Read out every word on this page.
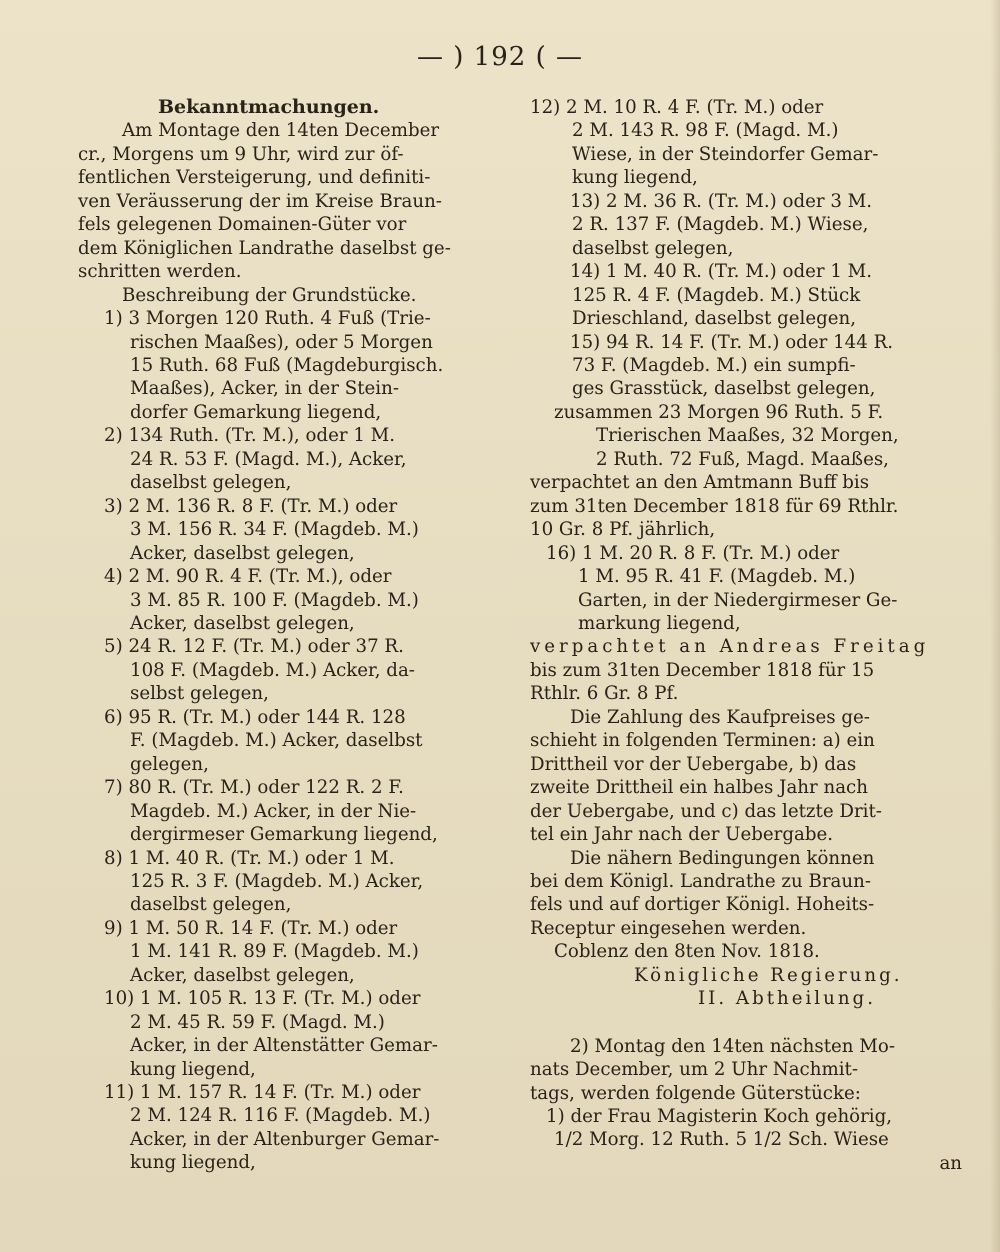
— ) 192 ( —

Bekanntmachungen.

Am Montage den 14ten December

cr., Morgens um 9 Uhr, wird zur öf-

fentlichen Versteigerung, und definiti-

ven Veräusserung der im Kreise Braun-

fels gelegenen Domainen-Güter vor

dem Königlichen Landrathe daselbst ge-

schritten werden.

Beschreibung der Grundstücke.

1) 3 Morgen 120 Ruth. 4 Fuß (Trie-

rischen Maaßes), oder 5 Morgen

15 Ruth. 68 Fuß (Magdeburgisch.

Maaßes), Acker, in der Stein-

dorfer Gemarkung liegend,

2) 134 Ruth. (Tr. M.), oder 1 M.

24 R. 53 F. (Magd. M.), Acker,

daselbst gelegen,

3) 2 M. 136 R. 8 F. (Tr. M.) oder

3 M. 156 R. 34 F. (Magdeb. M.)

Acker, daselbst gelegen,

4) 2 M. 90 R. 4 F. (Tr. M.), oder

3 M. 85 R. 100 F. (Magdeb. M.)

Acker, daselbst gelegen,

5) 24 R. 12 F. (Tr. M.) oder 37 R.

108 F. (Magdeb. M.) Acker, da-

selbst gelegen,

6) 95 R. (Tr. M.) oder 144 R. 128

F. (Magdeb. M.) Acker, daselbst

gelegen,

7) 80 R. (Tr. M.) oder 122 R. 2 F.

Magdeb. M.) Acker, in der Nie-

dergirmeser Gemarkung liegend,

8) 1 M. 40 R. (Tr. M.) oder 1 M.

125 R. 3 F. (Magdeb. M.) Acker,

daselbst gelegen,

9) 1 M. 50 R. 14 F. (Tr. M.) oder

1 M. 141 R. 89 F. (Magdeb. M.)

Acker, daselbst gelegen,

10) 1 M. 105 R. 13 F. (Tr. M.) oder

2 M. 45 R. 59 F. (Magd. M.)

Acker, in der Altenstätter Gemar-

kung liegend,

11) 1 M. 157 R. 14 F. (Tr. M.) oder

2 M. 124 R. 116 F. (Magdeb. M.)

Acker, in der Altenburger Gemar-

kung liegend,

12) 2 M. 10 R. 4 F. (Tr. M.) oder

2 M. 143 R. 98 F. (Magd. M.)

Wiese, in der Steindorfer Gemar-

kung liegend,

13) 2 M. 36 R. (Tr. M.) oder 3 M.

2 R. 137 F. (Magdeb. M.) Wiese,

daselbst gelegen,

14) 1 M. 40 R. (Tr. M.) oder 1 M.

125 R. 4 F. (Magdeb. M.) Stück

Drieschland, daselbst gelegen,

15) 94 R. 14 F. (Tr. M.) oder 144 R.

73 F. (Magdeb. M.) ein sumpfi-

ges Grasstück, daselbst gelegen,

zusammen 23 Morgen 96 Ruth. 5 F.

Trierischen Maaßes, 32 Morgen,

2 Ruth. 72 Fuß, Magd. Maaßes,

verpachtet an den Amtmann Buff bis

zum 31ten December 1818 für 69 Rthlr.

10 Gr. 8 Pf. jährlich,

16) 1 M. 20 R. 8 F. (Tr. M.) oder

1 M. 95 R. 41 F. (Magdeb. M.)

Garten, in der Niedergirmeser Ge-

markung liegend,

verpachtet an Andreas Freitag

bis zum 31ten December 1818 für 15

Rthlr. 6 Gr. 8 Pf.

Die Zahlung des Kaufpreises ge-

schieht in folgenden Terminen: a) ein

Drittheil vor der Uebergabe, b) das

zweite Drittheil ein halbes Jahr nach

der Uebergabe, und c) das letzte Drit-

tel ein Jahr nach der Uebergabe.

Die nähern Bedingungen können

bei dem Königl. Landrathe zu Braun-

fels und auf dortiger Königl. Hoheits-

Receptur eingesehen werden.

Coblenz den 8ten Nov. 1818.

Königliche Regierung.

II. Abtheilung.

2) Montag den 14ten nächsten Mo-

nats December, um 2 Uhr Nachmit-

tags, werden folgende Güterstücke:

1) der Frau Magisterin Koch gehörig,

1/2 Morg. 12 Ruth. 5 1/2 Sch. Wiese

an
